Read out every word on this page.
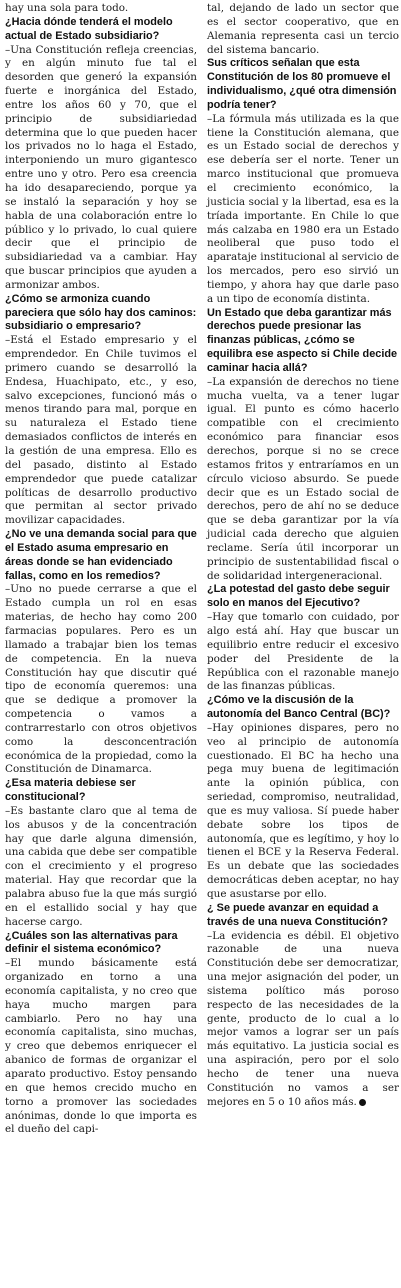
hay una sola para todo.

¿Hacia dónde tenderá el modelo actual de Estado subsidiario?

–Una Constitución refleja creencias, y en algún minuto fue tal el desorden que generó la expansión fuerte e inorgánica del Estado, entre los años 60 y 70, que el principio de subsidiariedad determina que lo que pueden hacer los privados no lo haga el Estado, interponiendo un muro gigantesco entre uno y otro. Pero esa creencia ha ido desapareciendo, porque ya se instaló la separación y hoy se habla de una colaboración entre lo público y lo privado, lo cual quiere decir que el principio de subsidiariedad va a cambiar. Hay que buscar principios que ayuden a armonizar ambos.

¿Cómo se armoniza cuando pareciera que sólo hay dos caminos: subsidiario o empresario?

–Está el Estado empresario y el emprendedor. En Chile tuvimos el primero cuando se desarrolló la Endesa, Huachipato, etc., y eso, salvo excepciones, funcionó más o menos tirando para mal, porque en su naturaleza el Estado tiene demasiados conflictos de interés en la gestión de una empresa. Ello es del pasado, distinto al Estado emprendedor que puede catalizar políticas de desarrollo productivo que permitan al sector privado movilizar capacidades.

¿No ve una demanda social para que el Estado asuma empresario en áreas donde se han evidenciado fallas, como en los remedios?

–Uno no puede cerrarse a que el Estado cumpla un rol en esas materias, de hecho hay como 200 farmacias populares. Pero es un llamado a trabajar bien los temas de competencia. En la nueva Constitución hay que discutir qué tipo de economía queremos: una que se dedique a promover la competencia o vamos a contrarrestarlo con otros objetivos como la desconcentración económica de la propiedad, como la Constitución de Dinamarca.

¿Esa materia debiese ser constitucional?

–Es bastante claro que al tema de los abusos y de la concentración hay que darle alguna dimensión, una cabida que debe ser compatible con el crecimiento y el progreso material. Hay que recordar que la palabra abuso fue la que más surgió en el estallido social y hay que hacerse cargo.

¿Cuáles son las alternativas para definir el sistema económico?

–El mundo básicamente está organizado en torno a una economía capitalista, y no creo que haya mucho margen para cambiarlo. Pero no hay una economía capitalista, sino muchas, y creo que debemos enriquecer el abanico de formas de organizar el aparato productivo. Estoy pensando en que hemos crecido mucho en torno a promover las sociedades anónimas, donde lo que importa es el dueño del capi-

tal, dejando de lado un sector que es el sector cooperativo, que en Alemania representa casi un tercio del sistema bancario.

Sus críticos señalan que esta Constitución de los 80 promueve el individualismo, ¿qué otra dimensión podría tener?

–La fórmula más utilizada es la que tiene la Constitución alemana, que es un Estado social de derechos y ese debería ser el norte. Tener un marco institucional que promueva el crecimiento económico, la justicia social y la libertad, esa es la tríada importante. En Chile lo que más calzaba en 1980 era un Estado neoliberal que puso todo el aparataje institucional al servicio de los mercados, pero eso sirvió un tiempo, y ahora hay que darle paso a un tipo de economía distinta.

Un Estado que deba garantizar más derechos puede presionar las finanzas públicas, ¿cómo se equilibra ese aspecto si Chile decide caminar hacia allá?

–La expansión de derechos no tiene mucha vuelta, va a tener lugar igual. El punto es cómo hacerlo compatible con el crecimiento económico para financiar esos derechos, porque si no se crece estamos fritos y entraríamos en un círculo vicioso absurdo. Se puede decir que es un Estado social de derechos, pero de ahí no se deduce que se deba garantizar por la vía judicial cada derecho que alguien reclame. Sería útil incorporar un principio de sustentabilidad fiscal o de solidaridad intergeneracional.

¿La potestad del gasto debe seguir solo en manos del Ejecutivo?

–Hay que tomarlo con cuidado, por algo está ahí. Hay que buscar un equilibrio entre reducir el excesivo poder del Presidente de la República con el razonable manejo de las finanzas públicas.

¿Cómo ve la discusión de la autonomía del Banco Central (BC)?

–Hay opiniones dispares, pero no veo al principio de autonomía cuestionado. El BC ha hecho una pega muy buena de legitimación ante la opinión pública, con seriedad, compromiso, neutralidad, que es muy valiosa. Sí puede haber debate sobre los tipos de autonomía, que es legítimo, y hoy lo tienen el BCE y la Reserva Federal. Es un debate que las sociedades democráticas deben aceptar, no hay que asustarse por ello.

¿ Se puede avanzar en equidad a través de una nueva Constitución?

–La evidencia es débil. El objetivo razonable de una nueva Constitución debe ser democratizar, una mejor asignación del poder, un sistema político más poroso respecto de las necesidades de la gente, producto de lo cual a lo mejor vamos a lograr ser un país más equitativo. La justicia social es una aspiración, pero por el solo hecho de tener una nueva Constitución no vamos a ser mejores en 5 o 10 años más.
